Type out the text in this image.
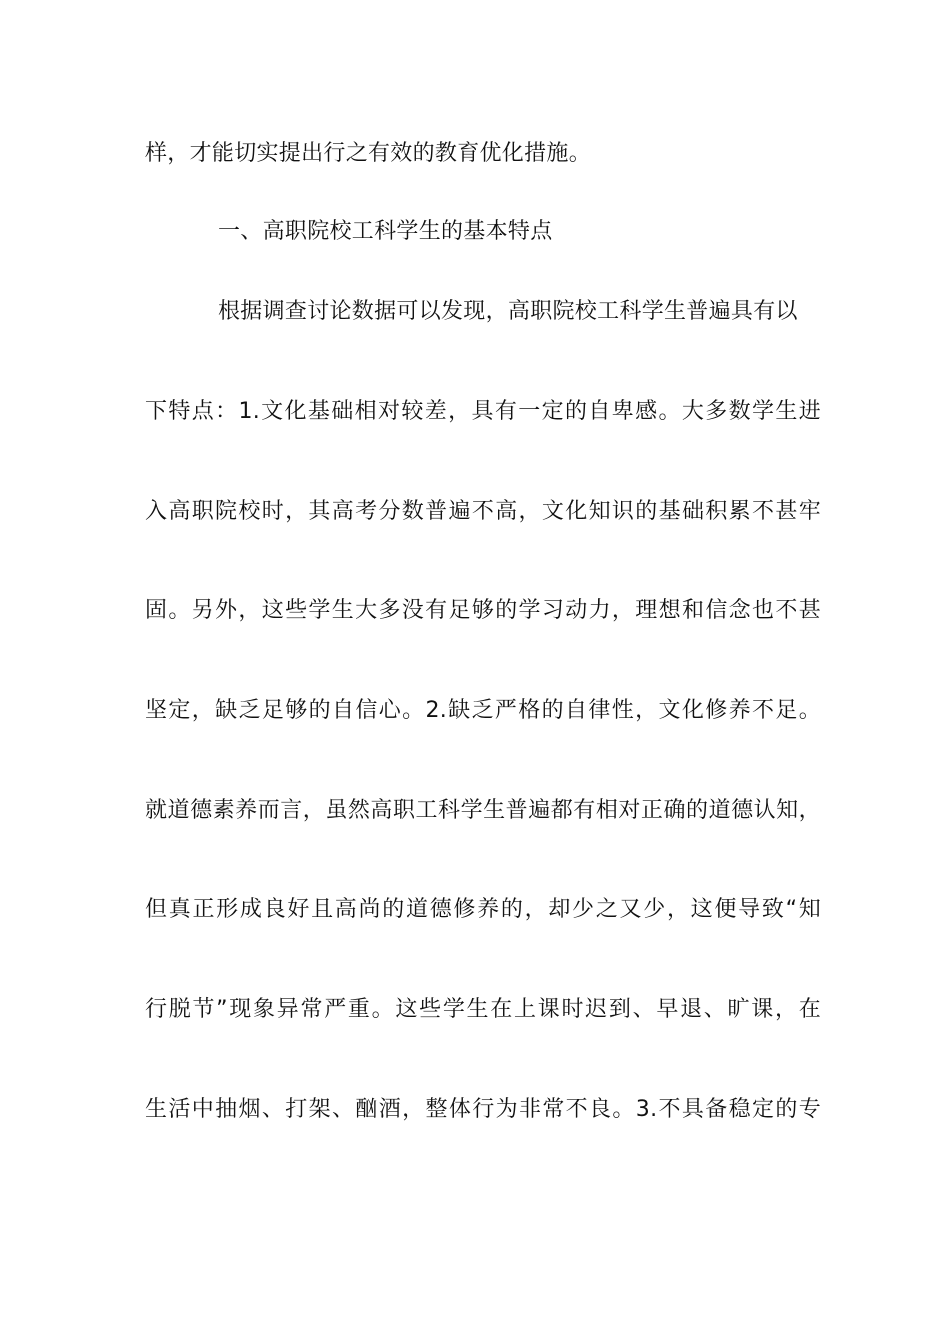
样，才能切实提出行之有效的教育优化措施。
一、高职院校工科学生的基本特点
根据调查讨论数据可以发现，高职院校工科学生普遍具有以
下特点：1.文化基础相对较差，具有一定的自卑感。大多数学生进
入高职院校时，其高考分数普遍不高，文化知识的基础积累不甚牢
固。另外，这些学生大多没有足够的学习动力，理想和信念也不甚
坚定，缺乏足够的自信心。2.缺乏严格的自律性，文化修养不足。
就道德素养而言，虽然高职工科学生普遍都有相对正确的道德认知，
但真正形成良好且高尚的道德修养的，却少之又少，这便导致“知
行脱节”现象异常严重。这些学生在上课时迟到、早退、旷课，在
生活中抽烟、打架、酗酒，整体行为非常不良。3.不具备稳定的专
